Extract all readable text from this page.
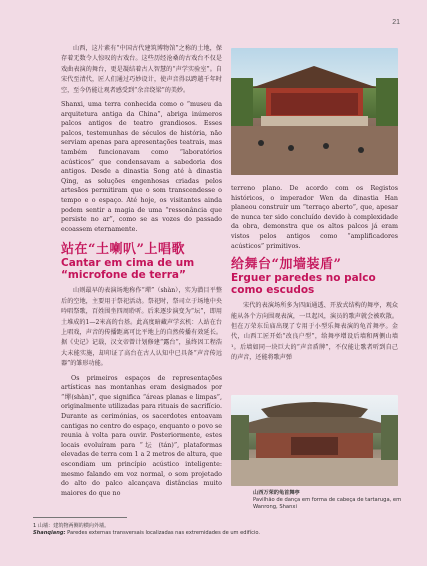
21

山西，这片素有“中国古代建筑博物馆”之称的土地，保存着无数令人惊叹的古戏台。这些历经沧桑的古戏台不仅是戏曲表演的舞台，更是凝结着古人智慧的“声学实验室”。自宋代至清代，匠人们通过巧妙设计，使声音得以跨越千年时空，至今仍能让观者感受到“余音绕梁”的美妙。

Shanxi, uma terra conhecida como o “museu da arquitetura antiga da China”, abriga inúmeros palcos antigos de teatro grandiosos. Esses palcos, testemunhas de séculos de história, não serviam apenas para apresentações teatrais, mas também funcionavam como “laboratórios acústicos” que condensavam a sabedoria dos antigos. Desde a dinastia Song até à dinastia Qing, as soluções engenhosas criadas pelos artesãos permitiram que o som transcendesse o tempo e o espaço. Até hoje, os visitantes ainda podem sentir a magia de uma “ressonância que persiste no ar”, como se as vozes do passado ecoassem eternamente.

站在“土喇叭”上唱歌
Cantar em cima de um “microfone de terra”

山则最早的表演场地称作“墠”（shàn），实为潜目平整后的空地，主要用于祭祀活动。祭祀时，祭司立于场地中央吟唱祭歌，百姓围坐四周聆听。后来逐步演变为“坛”，即用土堆成的1—2米高的台基。此高度暗藏声学玄机：人站在台上唱戏，声音的传播距离可比平地上的自然传播有效延长。据《史记》记载，汉文帝曾计划修建“露台”，虽终因工程浩大未能实施，却印证了高台在古人认知中已具备“声音传远器”的雏形功能。

Os primeiros espaços de representações artísticas nas montanhas eram designados por “墠(shàn)”, que significa “áreas planas e limpas”, originalmente utilizadas para rituais de sacrifício. Durante as cerimónias, os sacerdotes entoavam cantigas no centro do espaço, enquanto o povo se reunia à volta para ouvir. Posteriormente, estes locais evoluíram para “坛 (tán)”, plataformas elevadas de terra com 1 a 2 metros de altura, que escondiam um princípio acústico inteligente: mesmo falando em voz normal, o som projetado do alto do palco alcançava distâncias muito maiores do que no

terreno plano. De acordo com os Registos históricos, o imperador Wen da dinastia Han planeou construir um “terraço aberto”, que, apesar de nunca ter sido concluído devido à complexidade da obra, demonstra que os altos palcos já eram vistos pelos antigos como “amplificadores acústicos” primitivos.

给舞台“加墙装盾”
Erguer paredes no palco como escudos

宋代的表演场所多为四面通透、开放式结构的舞亭，观众能从各个方向围观表演，一旦起风，演员的歌声就会被吹散。但在万荣东岳庙出现了专用于小型乐舞表演的龟首舞亭。金代，山西工匠开始“改良户型”，给舞亭增设后墙和两侧山墙¹。后墙如同一块巨大的“声音盾牌”，不仅能让歌者听到自己的声音，还能将歌声弹

山西万荣的龟首舞亭
Pavilhão de dança em forma de cabeça de tartaruga, em Wanrong, Shanxi
1 山墙：建筑物两侧的横向外墙。
Shanqiang: Paredes externas transversais localizadas nas extremidades de um edifício.
